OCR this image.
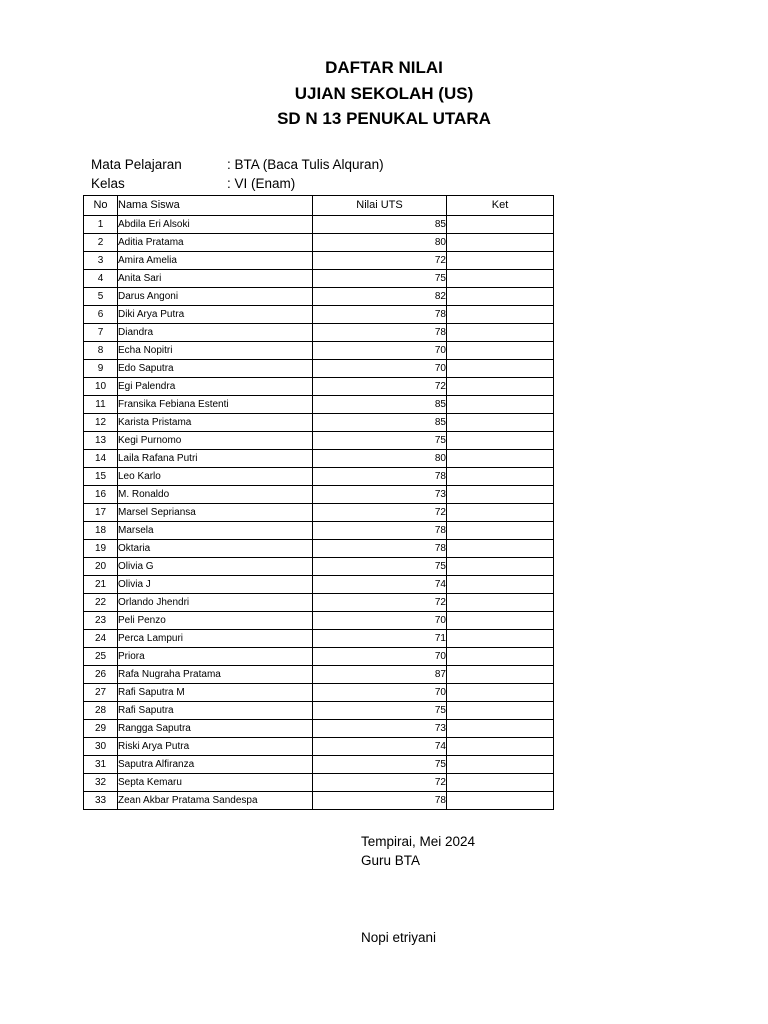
DAFTAR NILAI
UJIAN SEKOLAH (US)
SD N 13 PENUKAL UTARA
Mata Pelajaran	: BTA (Baca Tulis Alquran)
Kelas	: VI (Enam)
No	Nama Siswa	Nilai UTS	Ket
1	Abdila Eri Alsoki	85	
2	Aditia Pratama	80	
3	Amira Amelia	72	
4	Anita Sari	75	
5	Darus Angoni	82	
6	Diki Arya Putra	78	
7	Diandra	78	
8	Echa Nopitri	70	
9	Edo Saputra	70	
10	Egi Palendra	72	
11	Fransika Febiana Estenti	85	
12	Karista Pristama	85	
13	Kegi Purnomo	75	
14	Laila Rafana Putri	80	
15	Leo Karlo	78	
16	M. Ronaldo	73	
17	Marsel Sepriansa	72	
18	Marsela	78	
19	Oktaria	78	
20	Olivia G	75	
21	Olivia J	74	
22	Orlando Jhendri	72	
23	Peli Penzo	70	
24	Perca Lampuri	71	
25	Priora	70	
26	Rafa Nugraha Pratama	87	
27	Rafi Saputra M	70	
28	Rafi Saputra	75	
29	Rangga Saputra	73	
30	Riski Arya Putra	74	
31	Saputra Alfiranza	75	
32	Septa Kemaru	72	
33	Zean Akbar Pratama Sandespa	78	
Tempirai, Mei 2024
Guru BTA
Nopi etriyani
